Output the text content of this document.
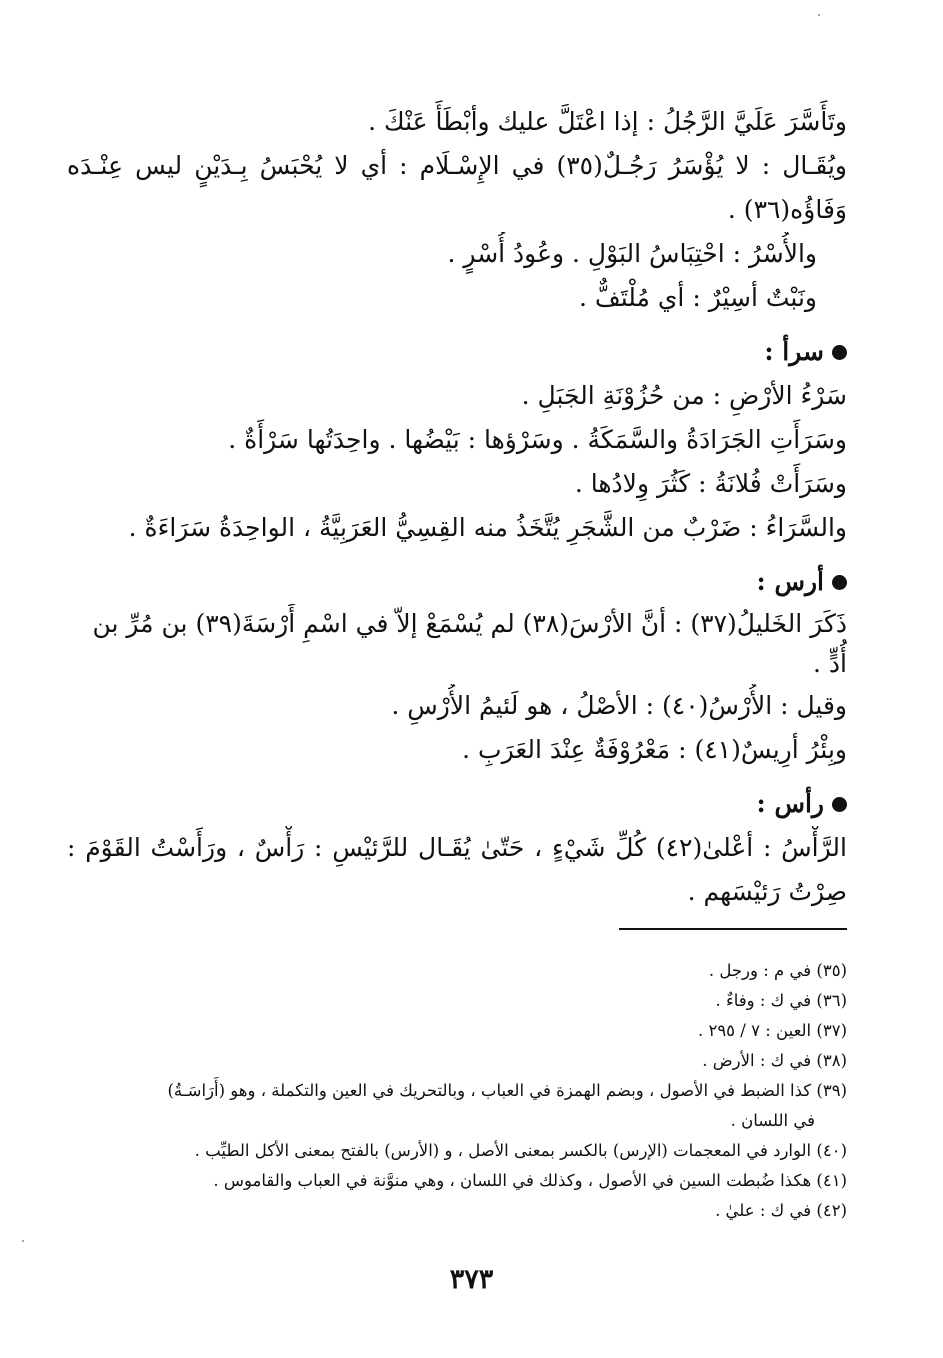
وتَأَسَّرَ عَلَيَّ الرَّجُلُ : إذا اعْتَلَّ عليك وأبْطَأَ عَنْكَ .
ويُقَـال : لا يُؤْسَرُ رَجُـلٌ(٣٥) في الإِسْـلَام : أي لا يُحْبَسُ بِـدَيْنٍ ليس عِنْـدَه
وَفَاؤُه(٣٦) .
والأُسْرُ : احْتِبَاسُ البَوْلِ . وعُودُ أُسْرٍ .
ونَبْتٌ أسِيْرٌ : أي مُلْتَفٌّ .
سرأ :
سَرْءُ الأرْضِ : من حُزُوْنَةِ الجَبَلِ .
وسَرَأَتِ الجَرَادَةُ والسَّمَكَةُ . وسَرْؤها : بَيْضُها . واحِدَتُها سَرْأَةٌ .
وسَرَأَتْ فُلانَةُ : كَثُرَ وِلادُها .
والسَّرَاءُ : ضَرْبٌ من الشَّجَرِ يُتَّخَذُ منه القِسِيُّ العَرَبِيَّةُ ، الواحِدَةُ سَرَاءَةٌ .
أرس :
ذَكَرَ الخَليلُ(٣٧) : أنَّ الأرْسَ(٣٨) لم يُسْمَعْ إلاّ في اسْمِ أَرْسَةَ(٣٩) بن مُرِّ بن أُدٍّ .
وقيل : الأُرْسُ(٤٠) : الأصْلُ ، هو لَئيمُ الأُرْسِ .
وبِئْرُ أرِيسٌ(٤١) : مَعْرُوْفَةٌ عِنْدَ العَرَبِ .
رأس :
الرَّأْسُ : أعْلىٰ(٤٢) كُلِّ شَيْءٍ ، حَتّىٰ يُقَـال للرَّئيْسِ : رَأْسٌ ، ورَأَسْتُ القَوْمَ :
صِرْتُ رَئيْسَهم .
(٣٥) في م : ورجل .
(٣٦) في ك : وفاءٌ .
(٣٧) العين : ٧ / ٢٩٥ .
(٣٨) في ك : الأرض .
(٣٩) كذا الضبط في الأصول ، وبضم الهمزة في العباب ، وبالتحريك في العين والتكملة ، وهو (أَرَاسَـةُ)
في اللسان .
(٤٠) الوارد في المعجمات (الإرس) بالكسر بمعنى الأصل ، و (الأرس) بالفتح بمعنى الأكل الطيِّب .
(٤١) هكذا ضُبطت السين في الأصول ، وكذلك في اللسان ، وهي منوَّنة في العباب والقاموس .
(٤٢) في ك : عليٰ .
٣٧٣
